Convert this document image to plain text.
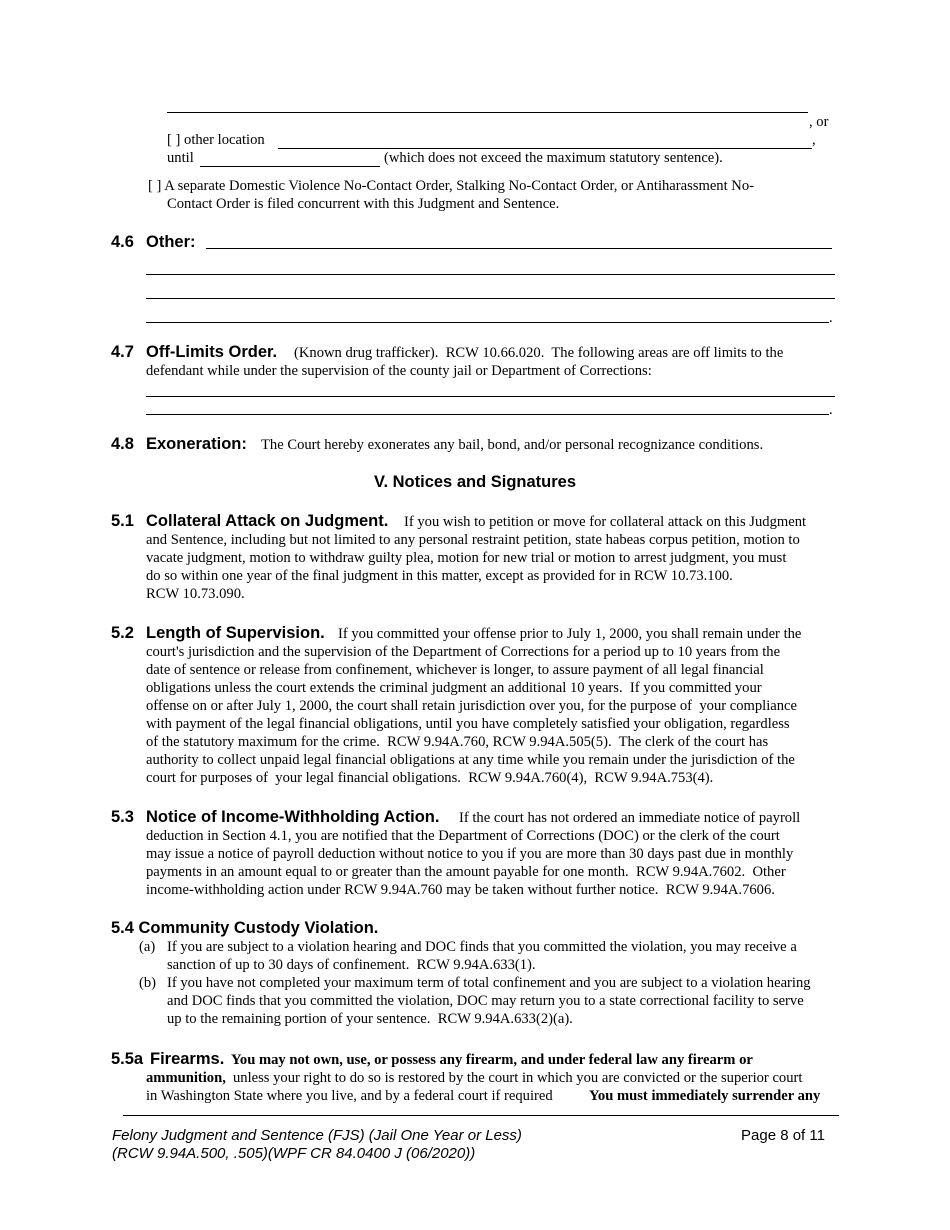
, or
[ ] other location	,
until	(which does not exceed the maximum statutory sentence).
[ ] A separate Domestic Violence No-Contact Order, Stalking No-Contact Order, or Antiharassment No-
Contact Order is filed concurrent with this Judgment and Sentence.
4.6 Other:
.
4.7 Off-Limits Order. (Known drug trafficker).  RCW 10.66.020.  The following areas are off limits to the
defendant while under the supervision of the county jail or Department of Corrections:
.
4.8 Exoneration: The Court hereby exonerates any bail, bond, and/or personal recognizance conditions.
V. Notices and Signatures
5.1 Collateral Attack on Judgment. If you wish to petition or move for collateral attack on this Judgment
and Sentence, including but not limited to any personal restraint petition, state habeas corpus petition, motion to
vacate judgment, motion to withdraw guilty plea, motion for new trial or motion to arrest judgment, you must
do so within one year of the final judgment in this matter, except as provided for in RCW 10.73.100.
RCW 10.73.090.
5.2 Length of Supervision. If you committed your offense prior to July 1, 2000, you shall remain under the
court's jurisdiction and the supervision of the Department of Corrections for a period up to 10 years from the
date of sentence or release from confinement, whichever is longer, to assure payment of all legal financial
obligations unless the court extends the criminal judgment an additional 10 years.  If you committed your
offense on or after July 1, 2000, the court shall retain jurisdiction over you, for the purpose of  your compliance
with payment of the legal financial obligations, until you have completely satisfied your obligation, regardless
of the statutory maximum for the crime.  RCW 9.94A.760, RCW 9.94A.505(5).  The clerk of the court has
authority to collect unpaid legal financial obligations at any time while you remain under the jurisdiction of the
court for purposes of  your legal financial obligations.  RCW 9.94A.760(4),  RCW 9.94A.753(4).
5.3 Notice of Income-Withholding Action. If the court has not ordered an immediate notice of payroll
deduction in Section 4.1, you are notified that the Department of Corrections (DOC) or the clerk of the court
may issue a notice of payroll deduction without notice to you if you are more than 30 days past due in monthly
payments in an amount equal to or greater than the amount payable for one month.  RCW 9.94A.7602.  Other
income-withholding action under RCW 9.94A.760 may be taken without further notice.  RCW 9.94A.7606.
5.4 Community Custody Violation.
(a) If you are subject to a violation hearing and DOC finds that you committed the violation, you may receive a
sanction of up to 30 days of confinement.  RCW 9.94A.633(1).
(b) If you have not completed your maximum term of total confinement and you are subject to a violation hearing
and DOC finds that you committed the violation, DOC may return you to a state correctional facility to serve
up to the remaining portion of your sentence.  RCW 9.94A.633(2)(a).
5.5a Firearms. You may not own, use, or possess any firearm, and under federal law any firearm or
ammunition, unless your right to do so is restored by the court in which you are convicted or the superior court
in Washington State where you live, and by a federal court if required You must immediately surrender any
Felony Judgment and Sentence (FJS) (Jail One Year or Less)
(RCW 9.94A.500, .505)(WPF CR 84.0400 J (06/2020))
Page 8 of 11
